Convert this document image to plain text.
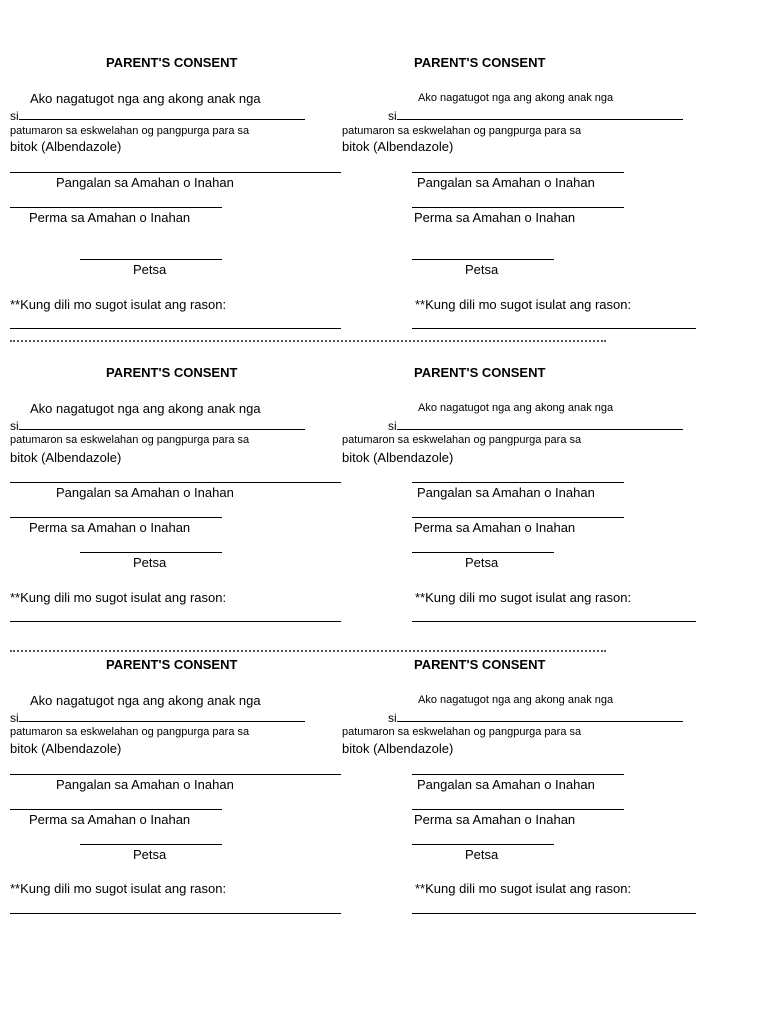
PARENT'S CONSENT
Ako nagatugot nga ang akong anak nga
si
patumaron sa eskwelahan og pangpurga para sa
bitok (Albendazole)
Pangalan sa Amahan o Inahan
Perma sa Amahan o Inahan
Petsa
**Kung dili mo sugot isulat ang rason:
PARENT'S CONSENT
Ako nagatugot nga ang akong anak nga
si
patumaron sa eskwelahan og pangpurga para sa
bitok (Albendazole)
Pangalan sa Amahan o Inahan
Perma sa Amahan o Inahan
Petsa
**Kung dili mo sugot isulat ang rason:
PARENT'S CONSENT
Ako nagatugot nga ang akong anak nga
si
patumaron sa eskwelahan og pangpurga para sa
bitok (Albendazole)
Pangalan sa Amahan o Inahan
Perma sa Amahan o Inahan
Petsa
**Kung dili mo sugot isulat ang rason:
PARENT'S CONSENT
Ako nagatugot nga ang akong anak nga
si
patumaron sa eskwelahan og pangpurga para sa
bitok (Albendazole)
Pangalan sa Amahan o Inahan
Perma sa Amahan o Inahan
Petsa
**Kung dili mo sugot isulat ang rason:
PARENT'S CONSENT
Ako nagatugot nga ang akong anak nga
si
patumaron sa eskwelahan og pangpurga para sa
bitok (Albendazole)
Pangalan sa Amahan o Inahan
Perma sa Amahan o Inahan
Petsa
**Kung dili mo sugot isulat ang rason:
PARENT'S CONSENT
Ako nagatugot nga ang akong anak nga
si
patumaron sa eskwelahan og pangpurga para sa
bitok (Albendazole)
Pangalan sa Amahan o Inahan
Perma sa Amahan o Inahan
Petsa
**Kung dili mo sugot isulat ang rason:
